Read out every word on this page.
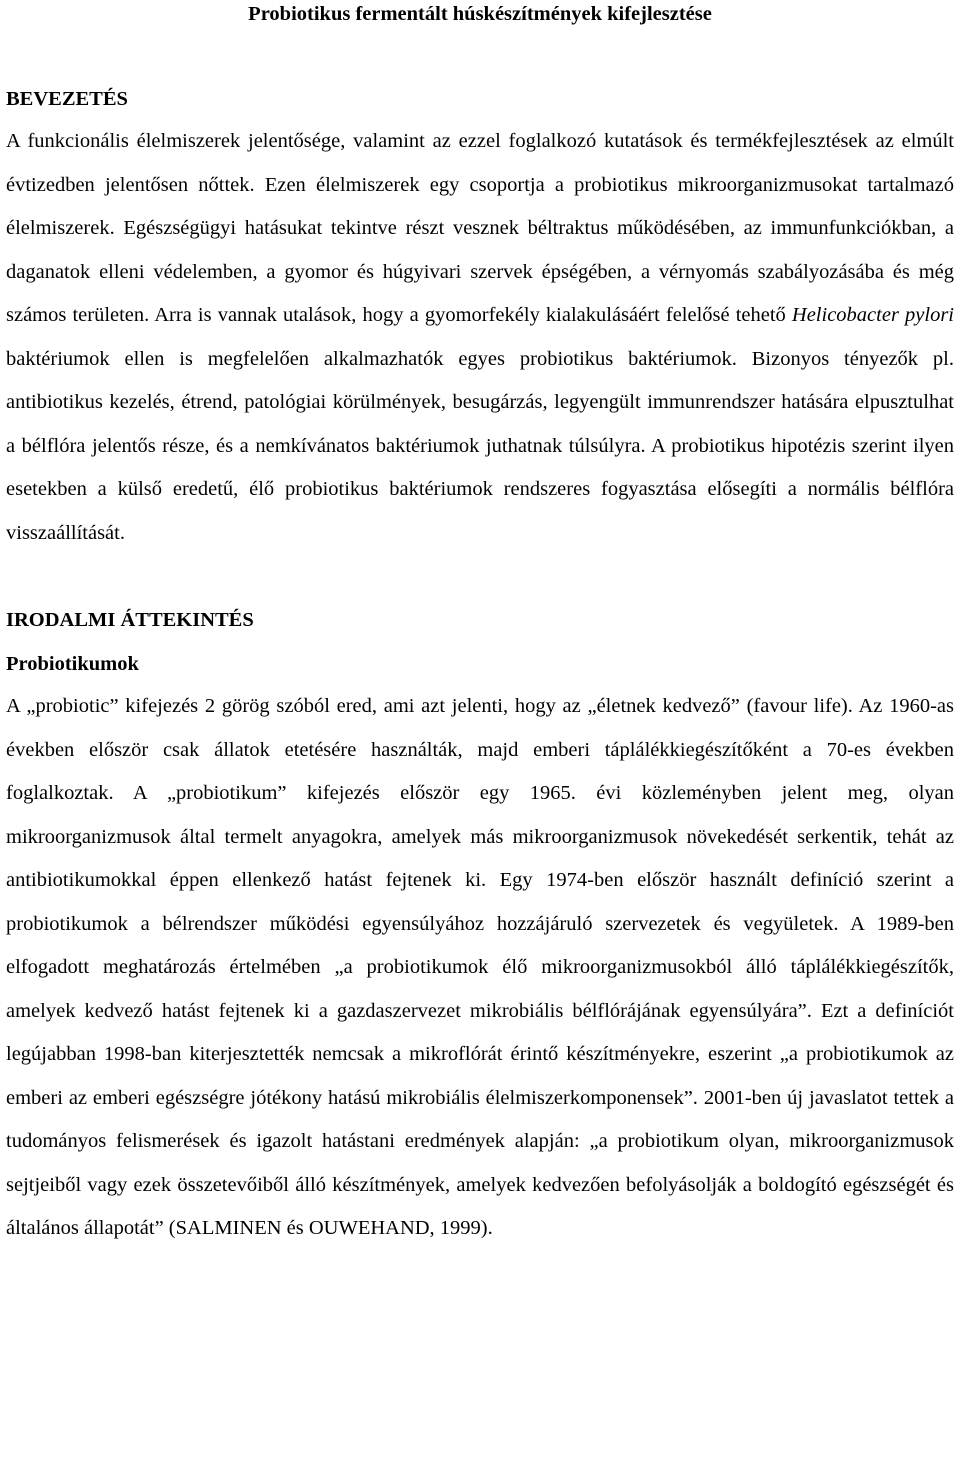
Probiotikus fermentált húskészítmények kifejlesztése
BEVEZETÉS

A funkcionális élelmiszerek jelentősége, valamint az ezzel foglalkozó kutatások és termékfejlesztések az elmúlt évtizedben jelentősen nőttek. Ezen élelmiszerek egy csoportja a probiotikus mikroorganizmusokat tartalmazó élelmiszerek. Egészségügyi hatásukat tekintve részt vesznek béltraktus működésében, az immunfunkciókban, a daganatok elleni védelemben, a gyomor és húgyivari szervek épségében, a vérnyomás szabályozásába és még számos területen. Arra is vannak utalások, hogy a gyomorfekély kialakulásáért felelősé tehető Helicobacter pylori baktériumok ellen is megfelelően alkalmazhatók egyes probiotikus baktériumok. Bizonyos tényezők pl. antibiotikus kezelés, étrend, patológiai körülmények, besugárzás, legyengült immunrendszer hatására elpusztulhat a bélflóra jelentős része, és a nemkívánatos baktériumok juthatnak túlsúlyra. A probiotikus hipotézis szerint ilyen esetekben a külső eredetű, élő probiotikus baktériumok rendszeres fogyasztása elősegíti a normális bélflóra visszaállítását.

IRODALMI ÁTTEKINTÉS
Probiotikumok

A „probiotic” kifejezés 2 görög szóból ered, ami azt jelenti, hogy az „életnek kedvező” (favour life). Az 1960-as években először csak állatok etetésére használták, majd emberi táplálékkiegészítőként a 70-es években foglalkoztak. A „probiotikum” kifejezés először egy 1965. évi közleményben jelent meg, olyan mikroorganizmusok által termelt anyagokra, amelyek más mikroorganizmusok növekedését serkentik, tehát az antibiotikumokkal éppen ellenkező hatást fejtenek ki. Egy 1974-ben először használt definíció szerint a probiotikumok a bélrendszer működési egyensúlyához hozzájáruló szervezetek és vegyületek. A 1989-ben elfogadott meghatározás értelmében „a probiotikumok élő mikroorganizmusokból álló táplálékkiegészítők, amelyek kedvező hatást fejtenek ki a gazdaszervezet mikrobiális bélflórájának egyensúlyára”. Ezt a definíciót legújabban 1998-ban kiterjesztették nemcsak a mikroflórát érintő készítményekre, eszerint „a probiotikumok az emberi az emberi egészségre jótékony hatású mikrobiális élelmiszerkomponensek”. 2001-ben új javaslatot tettek a tudományos felismerések és igazolt hatástani eredmények alapján: „a probiotikum olyan, mikroorganizmusok sejtjeiből vagy ezek összetevőiből álló készítmények, amelyek kedvezően befolyásolják a boldogító egészségét és általános állapotát” (SALMINEN és OUWEHAND, 1999).
